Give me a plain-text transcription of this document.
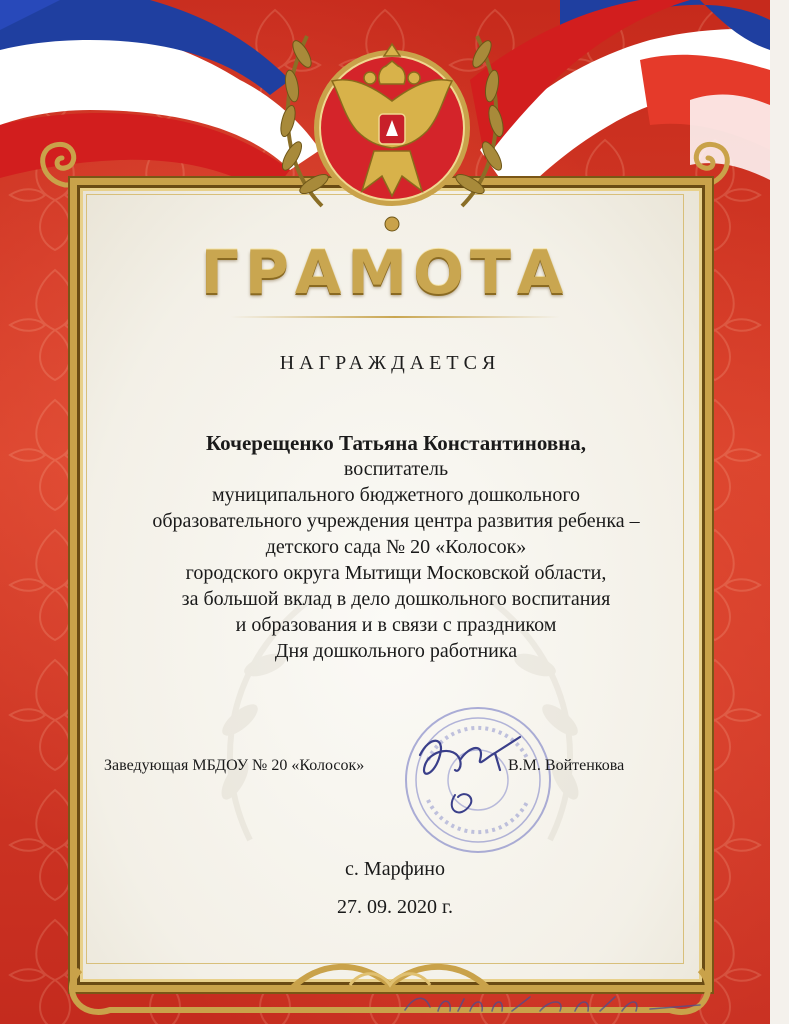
ГРАМОТА
НАГРАЖДАЕТСЯ
Кочерещенко Татьяна Константиновна,
воспитатель
муниципального бюджетного дошкольного
образовательного учреждения центра развития ребенка –
детского сада № 20 «Колосок»
городского округа Мытищи Московской области,
за большой вклад в дело дошкольного воспитания
и образования и в связи с праздником
Дня дошкольного работника
Заведующая МБДОУ № 20 «Колосок»	В.М. Войтенкова
с. Марфино
27. 09. 2020 г.
